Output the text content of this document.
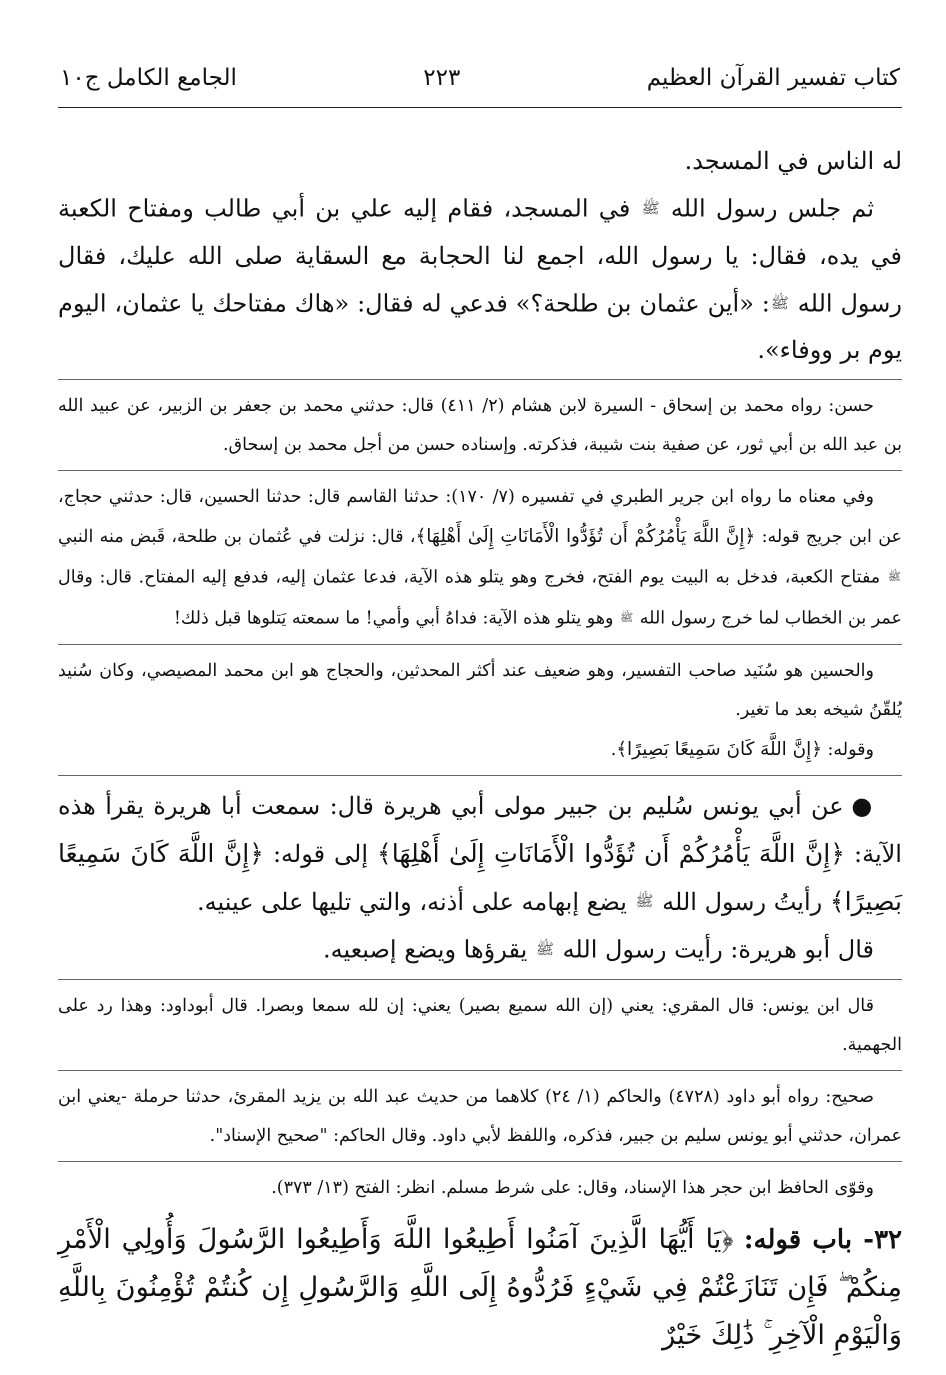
كتاب تفسير القرآن العظيم
٢٢٣
الجامع الكامل ج١٠

له الناس في المسجد.

ثم جلس رسول الله ﷺ في المسجد، فقام إليه علي بن أبي طالب ومفتاح الكعبة في يده، فقال: يا رسول الله، اجمع لنا الحجابة مع السقاية صلى الله عليك، فقال رسول الله ﷺ: «أين عثمان بن طلحة؟» فدعي له فقال: «هاك مفتاحك يا عثمان، اليوم يوم بر ووفاء».

حسن: رواه محمد بن إسحاق - السيرة لابن هشام (٢/ ٤١١) قال: حدثني محمد بن جعفر بن الزبير، عن عبيد الله بن عبد الله بن أبي ثور، عن صفية بنت شيبة، فذكرته. وإسناده حسن من أجل محمد بن إسحاق.

وفي معناه ما رواه ابن جرير الطبري في تفسيره (٧/ ١٧٠): حدثنا القاسم قال: حدثنا الحسين، قال: حدثني حجاج، عن ابن جريج قوله: ﴿إِنَّ اللَّهَ يَأْمُرُكُمْ أَن تُؤَدُّوا الْأَمَانَاتِ إِلَىٰ أَهْلِهَا﴾، قال: نزلت في عُثمان بن طلحة، قَبض منه النبي ﷺ مفتاح الكعبة، فدخل به البيت يوم الفتح، فخرج وهو يتلو هذه الآية، فدعا عثمان إليه، فدفع إليه المفتاح. قال: وقال عمر بن الخطاب لما خرج رسول الله ﷺ وهو يتلو هذه الآية: فداهُ أبي وأمي! ما سمعته يَتلوها قبل ذلك!

والحسين هو سُنَيد صاحب التفسير، وهو ضعيف عند أكثر المحدثين، والحجاج هو ابن محمد المصيصي، وكان سُنيد يُلقّنُ شيخه بعد ما تغير.

وقوله: ﴿إِنَّ اللَّهَ كَانَ سَمِيعًا بَصِيرًا﴾.

●عن أبي يونس سُليم بن جبير مولى أبي هريرة قال: سمعت أبا هريرة يقرأ هذه الآية: ﴿إِنَّ اللَّهَ يَأْمُرُكُمْ أَن تُؤَدُّوا الْأَمَانَاتِ إِلَىٰ أَهْلِهَا﴾ إلى قوله: ﴿إِنَّ اللَّهَ كَانَ سَمِيعًا بَصِيرًا﴾ رأيتُ رسول الله ﷺ يضع إبهامه على أذنه، والتي تليها على عينيه.

قال أبو هريرة: رأيت رسول الله ﷺ يقرؤها ويضع إصبعيه.

قال ابن يونس: قال المقري: يعني (إن الله سميع بصير) يعني: إن لله سمعا وبصرا. قال أبوداود: وهذا رد على الجهمية.

صحيح: رواه أبو داود (٤٧٢٨) والحاكم (١/ ٢٤) كلاهما من حديث عبد الله بن يزيد المقرئ، حدثنا حرملة -يعني ابن عمران، حدثني أبو يونس سليم بن جبير، فذكره، واللفظ لأبي داود. وقال الحاكم: "صحيح الإسناد".

وقوّى الحافظ ابن حجر هذا الإسناد، وقال: على شرط مسلم. انظر: الفتح (١٣/ ٣٧٣).

٣٢- باب قوله: ﴿يَا أَيُّهَا الَّذِينَ آمَنُوا أَطِيعُوا اللَّهَ وَأَطِيعُوا الرَّسُولَ وَأُولِي الْأَمْرِ مِنكُمْ ۖ فَإِن تَنَازَعْتُمْ فِي شَيْءٍ فَرُدُّوهُ إِلَى اللَّهِ وَالرَّسُولِ إِن كُنتُمْ تُؤْمِنُونَ بِاللَّهِ وَالْيَوْمِ الْآخِرِ ۚ ذَٰلِكَ خَيْرٌ
